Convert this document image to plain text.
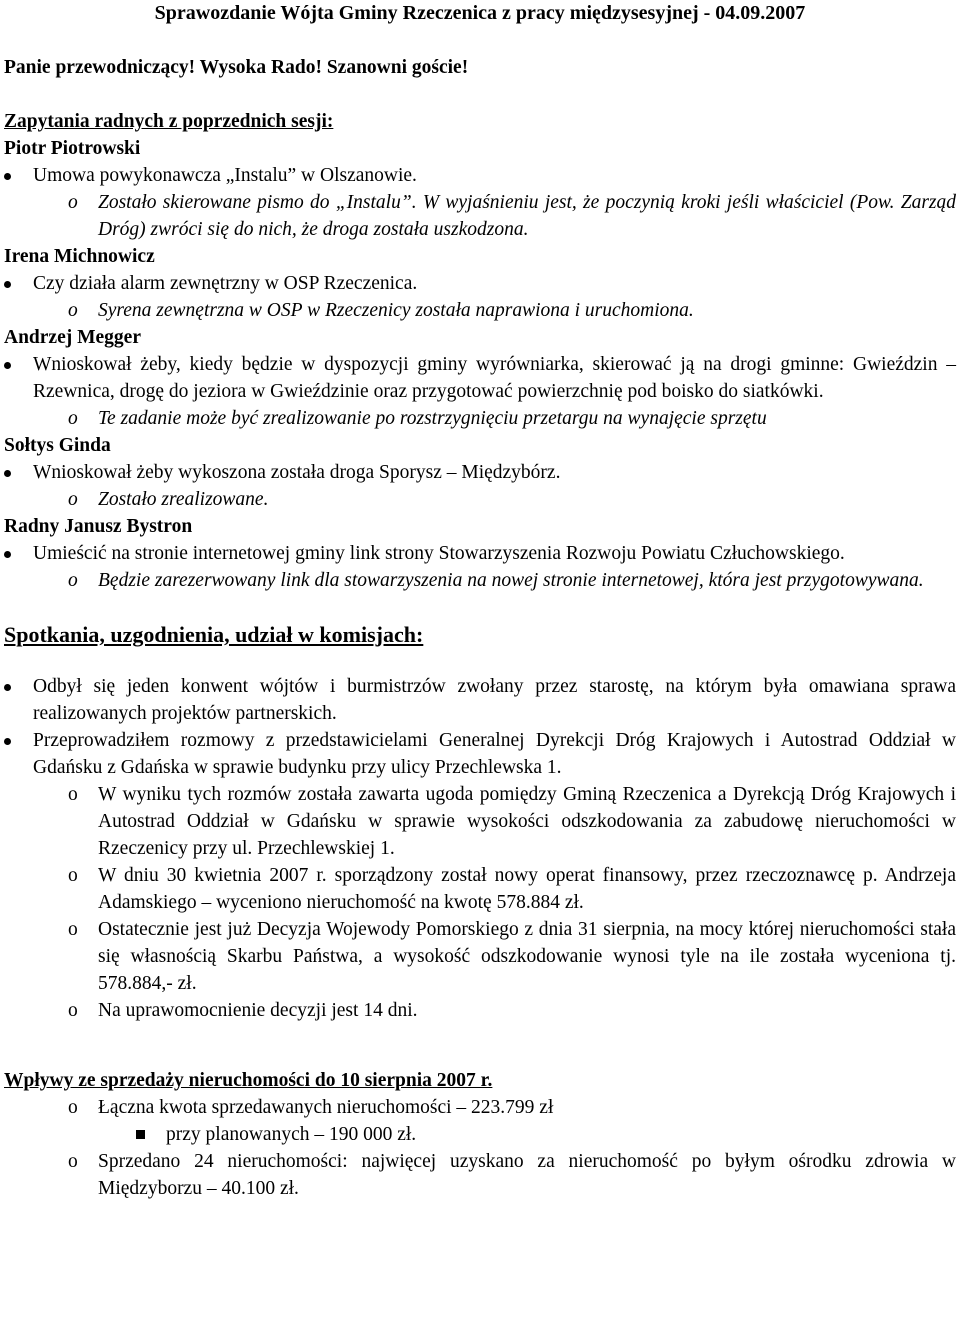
Sprawozdanie Wójta Gminy Rzeczenica z pracy międzysesyjnej - 04.09.2007
Panie przewodniczący! Wysoka Rado! Szanowni goście!
Zapytania radnych z poprzednich sesji:
Piotr Piotrowski
Umowa powykonawcza „Instalu” w Olszanowie.
o Zostało skierowane pismo do „Instalu”. W wyjaśnieniu jest, że poczynią kroki jeśli właściciel (Pow. Zarząd Dróg) zwróci się do nich, że droga została uszkodzona.
Irena Michnowicz
Czy działa alarm zewnętrzny w OSP Rzeczenica.
o Syrena zewnętrzna w OSP w Rzeczenicy została naprawiona i uruchomiona.
Andrzej Megger
Wnioskował żeby, kiedy będzie w dyspozycji gminy wyrówniarka, skierować ją na drogi gminne: Gwieździn – Rzewnica, drogę do jeziora w Gwieździnie oraz przygotować powierzchnię pod boisko do siatkówki.
o Te zadanie może być zrealizowanie po rozstrzygnięciu przetargu na wynajęcie sprzętu
Sołtys Ginda
Wnioskował żeby wykoszona została droga Sporysz – Międzybórz.
o Zostało zrealizowane.
Radny Janusz Bystron
Umieścić na stronie internetowej gminy link strony Stowarzyszenia Rozwoju Powiatu Człuchowskiego.
o Będzie zarezerwowany link dla stowarzyszenia na nowej stronie internetowej, która jest przygotowywana.
Spotkania, uzgodnienia, udział w komisjach:
Odbył się jeden konwent wójtów i burmistrzów zwołany przez starostę, na którym była omawiana sprawa realizowanych projektów partnerskich.
Przeprowadziłem rozmowy z przedstawicielami Generalnej Dyrekcji Dróg Krajowych i Autostrad Oddział w Gdańsku z Gdańska w sprawie budynku przy ulicy Przechlewska 1.
o W wyniku tych rozmów została zawarta ugoda pomiędzy Gminą Rzeczenica a Dyrekcją Dróg Krajowych i Autostrad Oddział w Gdańsku w sprawie wysokości odszkodowania za zabudowę nieruchomości w Rzeczenicy przy ul. Przechlewskiej 1.
o W dniu 30 kwietnia 2007 r. sporządzony został nowy operat finansowy, przez rzeczoznawcę p. Andrzeja Adamskiego – wyceniono nieruchomość na kwotę 578.884 zł.
o Ostatecznie jest już Decyzja Wojewody Pomorskiego z dnia 31 sierpnia, na mocy której nieruchomości stała się własnością Skarbu Państwa, a wysokość odszkodowanie wynosi tyle na ile została wyceniona tj. 578.884,- zł.
o Na uprawomocnienie decyzji jest 14 dni.
Wpływy ze sprzedaży nieruchomości do 10 sierpnia 2007 r.
o Łączna kwota sprzedawanych nieruchomości – 223.799 zł
przy planowanych – 190 000 zł.
o Sprzedano 24 nieruchomości: najwięcej uzyskano za nieruchomość po byłym ośrodku zdrowia w Międzyborzu – 40.100 zł.
